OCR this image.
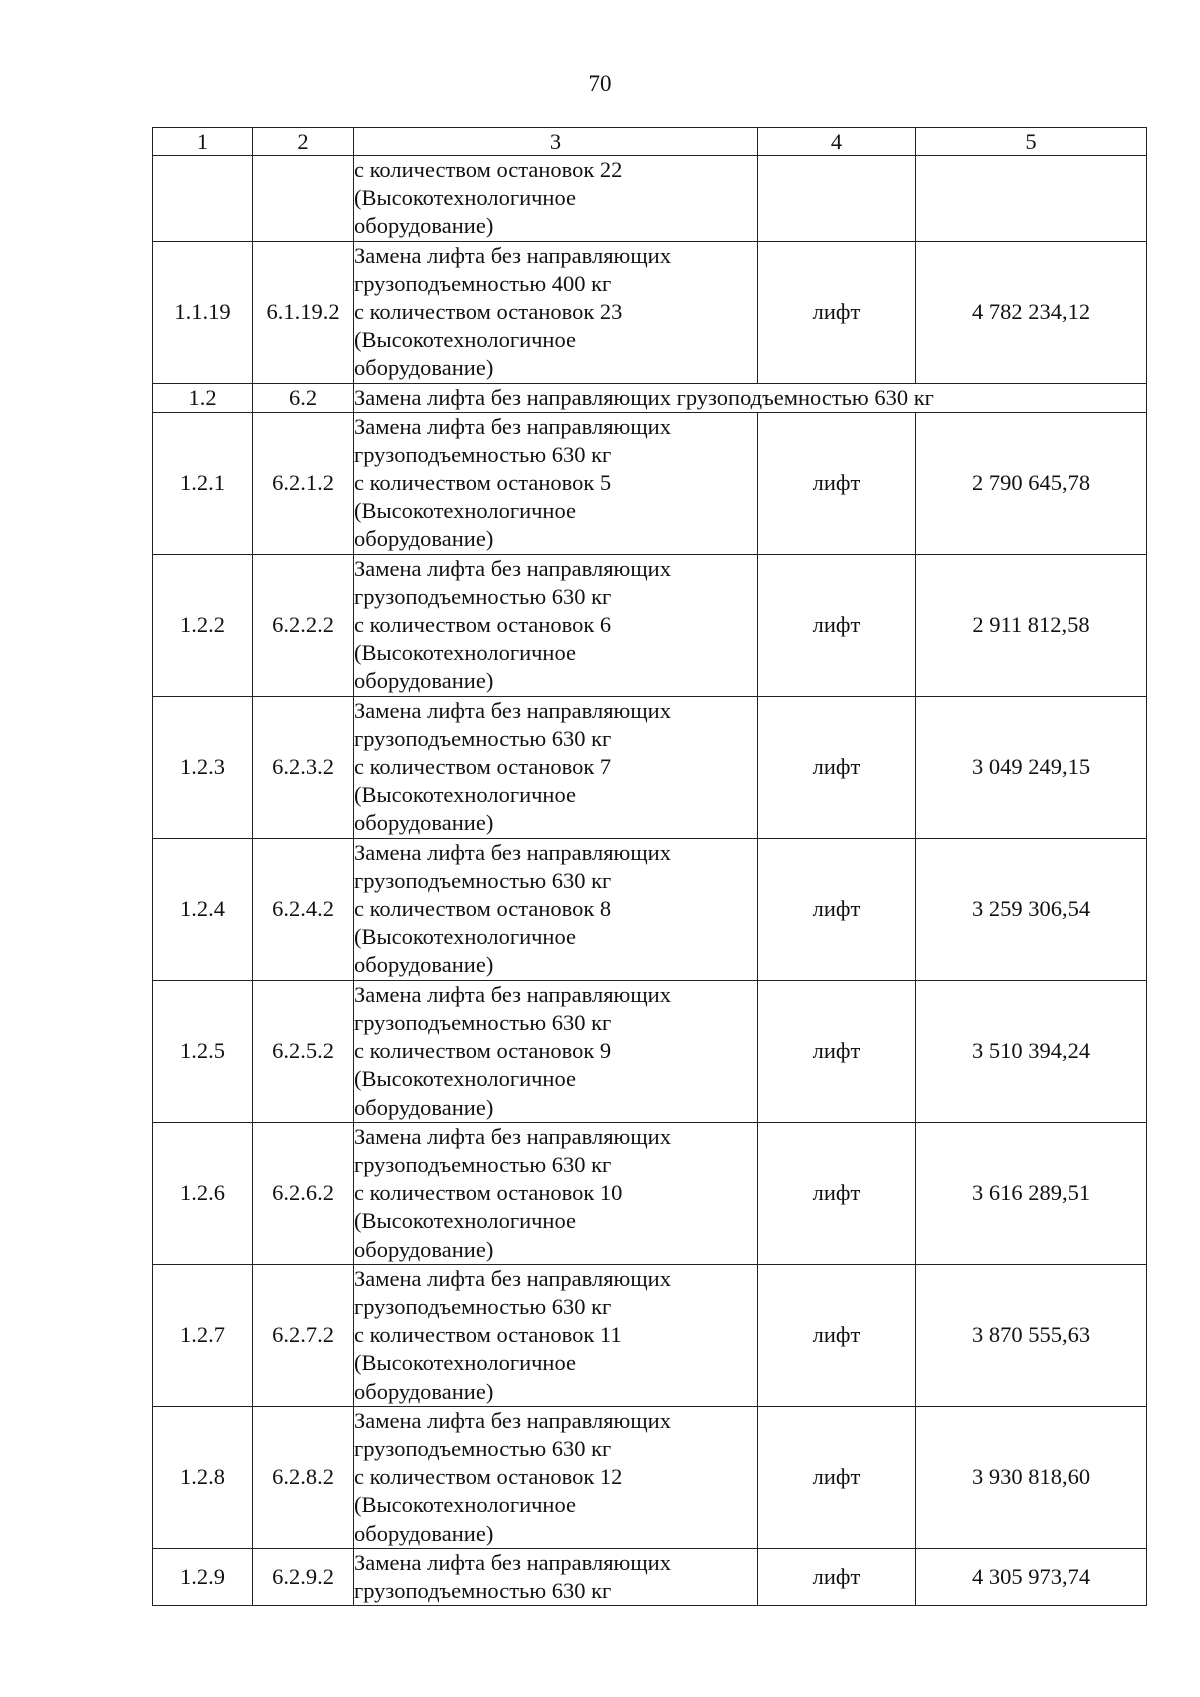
70
1	2	3	4	5

		с количеством остановок 22
(Высокотехнологичное
оборудование)		

1.1.19	6.1.19.2	Замена лифта без направляющих
грузоподъемностью 400 кг
с количеством остановок 23
(Высокотехнологичное
оборудование)	лифт	4 782 234,12
1.2	6.2	Замена лифта без направляющих грузоподъемностью 630 кг		
1.2.1	6.2.1.2	Замена лифта без направляющих
грузоподъемностью 630 кг
с количеством остановок 5
(Высокотехнологичное
оборудование)	лифт	2 790 645,78
1.2.2	6.2.2.2	Замена лифта без направляющих
грузоподъемностью 630 кг
с количеством остановок 6
(Высокотехнологичное
оборудование)	лифт	2 911 812,58
1.2.3	6.2.3.2	Замена лифта без направляющих
грузоподъемностью 630 кг
с количеством остановок 7
(Высокотехнологичное
оборудование)	лифт	3 049 249,15
1.2.4	6.2.4.2	Замена лифта без направляющих
грузоподъемностью 630 кг
с количеством остановок 8
(Высокотехнологичное
оборудование)	лифт	3 259 306,54
1.2.5	6.2.5.2	Замена лифта без направляющих
грузоподъемностью 630 кг
с количеством остановок 9
(Высокотехнологичное
оборудование)	лифт	3 510 394,24
1.2.6	6.2.6.2	Замена лифта без направляющих
грузоподъемностью 630 кг
с количеством остановок 10
(Высокотехнологичное
оборудование)	лифт	3 616 289,51
1.2.7	6.2.7.2	Замена лифта без направляющих
грузоподъемностью 630 кг
с количеством остановок 11
(Высокотехнологичное
оборудование)	лифт	3 870 555,63
1.2.8	6.2.8.2	Замена лифта без направляющих
грузоподъемностью 630 кг
с количеством остановок 12
(Высокотехнологичное
оборудование)	лифт	3 930 818,60
1.2.9	6.2.9.2	Замена лифта без направляющих
грузоподъемностью 630 кг	лифт	4 305 973,74
